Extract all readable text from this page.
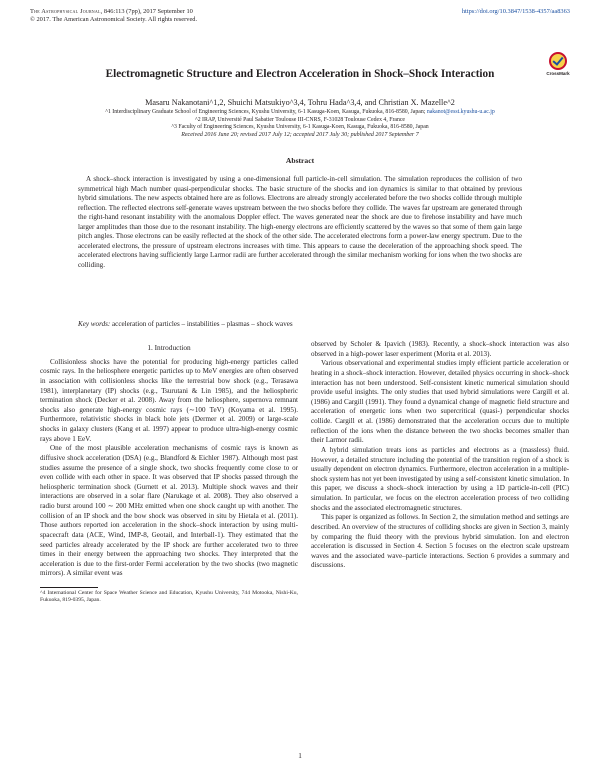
The Astrophysical Journal, 846:113 (7pp), 2017 September 10
© 2017. The American Astronomical Society. All rights reserved.
https://doi.org/10.3847/1538-4357/aa8363
CrossMark
Electromagnetic Structure and Electron Acceleration in Shock–Shock Interaction
Masaru Nakanotani^1,2, Shuichi Matsukiyo^3,4, Tohru Hada^3,4, and Christian X. Mazelle^2
^1 Interdisciplinary Graduate School of Engineering Sciences, Kyushu University, 6-1 Kasuga-Koen, Kasuga, Fukuoka, 816-8580, Japan; nakanot@esst.kyushu-u.ac.jp
^2 IRAP, Université Paul Sabatier Toulouse III-CNRS, F-31028 Toulouse Cedex 4, France
^3 Faculty of Engineering Sciences, Kyushu University, 6-1 Kasuga-Koen, Kasuga, Fukuoka, 816-8580, Japan
Received 2016 June 20; revised 2017 July 12; accepted 2017 July 30; published 2017 September 7
Abstract

A shock–shock interaction is investigated by using a one-dimensional full particle-in-cell simulation. The simulation reproduces the collision of two symmetrical high Mach number quasi-perpendicular shocks. The basic structure of the shocks and ion dynamics is similar to that obtained by previous hybrid simulations. The new aspects obtained here are as follows. Electrons are already strongly accelerated before the two shocks collide through multiple reflection. The reflected electrons self-generate waves upstream between the two shocks before they collide. The waves far upstream are generated through the right-hand resonant instability with the anomalous Doppler effect. The waves generated near the shock are due to firehose instability and have much larger amplitudes than those due to the resonant instability. The high-energy electrons are efficiently scattered by the waves so that some of them gain large pitch angles. Those electrons can be easily reflected at the shock of the other side. The accelerated electrons form a power-law energy spectrum. Due to the accelerated electrons, the pressure of upstream electrons increases with time. This appears to cause the deceleration of the approaching shock speed. The accelerated electrons having sufficiently large Larmor radii are further accelerated through the similar mechanism working for ions when the two shocks are colliding.

Key words: acceleration of particles – instabilities – plasmas – shock waves
1. Introduction

Collisionless shocks have the potential for producing high-energy particles called cosmic rays. In the heliosphere energetic particles up to MeV energies are often observed in association with collisionless shocks like the terrestrial bow shock (e.g., Terasawa 1981), interplanetary (IP) shocks (e.g., Tsurutani & Lin 1985), and the heliospheric termination shock (Decker et al. 2008). Away from the heliosphere, supernova remnant shocks also generate high-energy cosmic rays (∼100 TeV) (Koyama et al. 1995). Furthermore, relativistic shocks in black hole jets (Dermer et al. 2009) or large-scale shocks in galaxy clusters (Kang et al. 1997) appear to produce ultra-high-energy cosmic rays above 1 EeV.

One of the most plausible acceleration mechanisms of cosmic rays is known as diffusive shock acceleration (DSA) (e.g., Blandford & Eichler 1987). Although most past studies assume the presence of a single shock, two shocks frequently come close to or even collide with each other in space. It was observed that IP shocks passed through the heliospheric termination shock (Gurnett et al. 2013). Multiple shock waves and their interactions are observed in a solar flare (Narukage et al. 2008). They also observed a radio burst around 100 ∼ 200 MHz emitted when one shock caught up with another. The collision of an IP shock and the bow shock was observed in situ by Hietala et al. (2011). Those authors reported ion acceleration in the shock–shock interaction by using multi-spacecraft data (ACE, Wind, IMP-8, Geotail, and Interball-1). They estimated that the seed particles already accelerated by the IP shock are further accelerated two to three times in their energy between the approaching two shocks. They interpreted that the acceleration is due to the first-order Fermi acceleration by the two shocks (two magnetic mirrors). A similar event was

^4 International Center for Space Weather Science and Education, Kyushu University, 744 Motooka, Nishi-Ku, Fukuoka, 819-0395, Japan.

observed by Scholer & Ipavich (1983). Recently, a shock–shock interaction was also observed in a high-power laser experiment (Morita et al. 2013).

Various observational and experimental studies imply efficient particle acceleration or heating in a shock–shock interaction. However, detailed physics occurring in shock–shock interaction has not been understood. Self-consistent kinetic numerical simulation should provide useful insights. The only studies that used hybrid simulations were Cargill et al. (1986) and Cargill (1991). They found a dynamical change of magnetic field structure and acceleration of energetic ions when two supercritical (quasi-) perpendicular shocks collide. Cargill et al. (1986) demonstrated that the acceleration occurs due to multiple reflection of the ions when the distance between the two shocks becomes smaller than their Larmor radii.

A hybrid simulation treats ions as particles and electrons as a (massless) fluid. However, a detailed structure including the potential of the transition region of a shock is usually dependent on electron dynamics. Furthermore, electron acceleration in a multiple-shock system has not yet been investigated by using a self-consistent kinetic simulation. In this paper, we discuss a shock–shock interaction by using a 1D particle-in-cell (PIC) simulation. In particular, we focus on the electron acceleration process of two colliding shocks and the associated electromagnetic structures.

This paper is organized as follows. In Section 2, the simulation method and settings are described. An overview of the structures of colliding shocks are given in Section 3, mainly by comparing the fluid theory with the previous hybrid simulation. Ion and electron acceleration is discussed in Section 4. Section 5 focuses on the electron scale upstream waves and the associated wave–particle interactions. Section 6 provides a summary and discussions.

1
